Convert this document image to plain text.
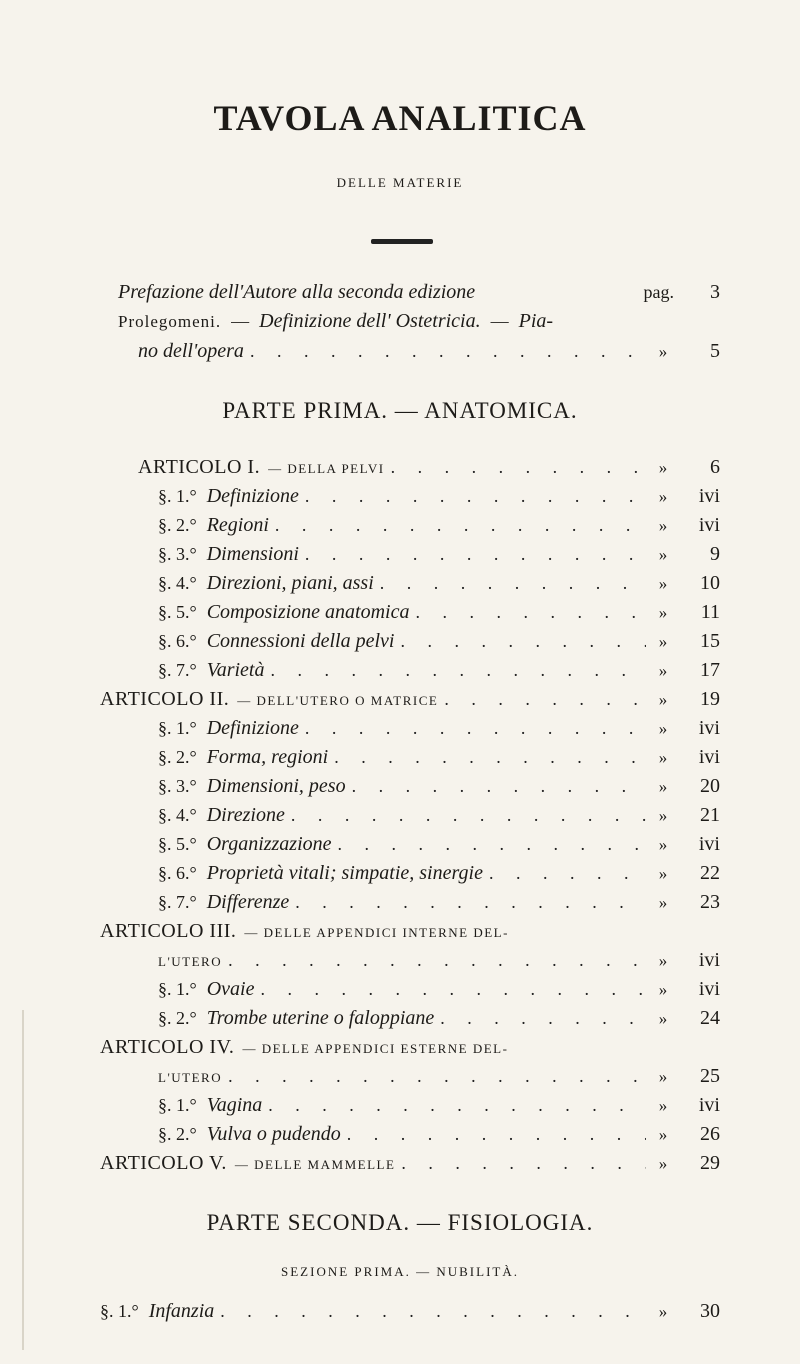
TAVOLA ANALITICA
DELLE MATERIE
Prefazione dell'Autore alla seconda edizione	pag.	3
Prolegomeni. — Definizione dell' Ostetricia. — Pia-
no dell'opera . . .	»	5
PARTE PRIMA. — ANATOMICA.
ARTICOLO I. — DELLA PELVI . . .	»	6
§. 1.° Definizione . . .	»	ivi
§. 2.° Regioni . . .	»	ivi
§. 3.° Dimensioni . . .	»	9
§. 4.° Direzioni, piani, assi . . .	»	10
§. 5.° Composizione anatomica . . .	»	11
§. 6.° Connessioni della pelvi . . .	»	15
§. 7.° Varietà . . .	»	17
ARTICOLO II. — DELL'UTERO O MATRICE . . .	»	19
§. 1.° Definizione . . .	»	ivi
§. 2.° Forma, regioni . . .	»	ivi
§. 3.° Dimensioni, peso . . .	»	20
§. 4.° Direzione . . .	»	21
§. 5.° Organizzazione . . .	»	ivi
§. 6.° Proprietà vitali; simpatie, sinergie . . .	»	22
§. 7.° Differenze . . .	»	23
ARTICOLO III. — DELLE APPENDICI INTERNE DEL-
L'UTERO . . .	»	ivi
§. 1.° Ovaie . . .	»	ivi
§. 2.° Trombe uterine o faloppiane . . .	»	24
ARTICOLO IV. — DELLE APPENDICI ESTERNE DEL-
L'UTERO . . .	»	25
§. 1.° Vagina . . .	»	ivi
§. 2.° Vulva o pudendo . . .	»	26
ARTICOLO V. — DELLE MAMMELLE . . .	»	29
PARTE SECONDA. — FISIOLOGIA.
SEZIONE PRIMA. — NUBILITÀ.
§. 1.° Infanzia . . .	»	30
